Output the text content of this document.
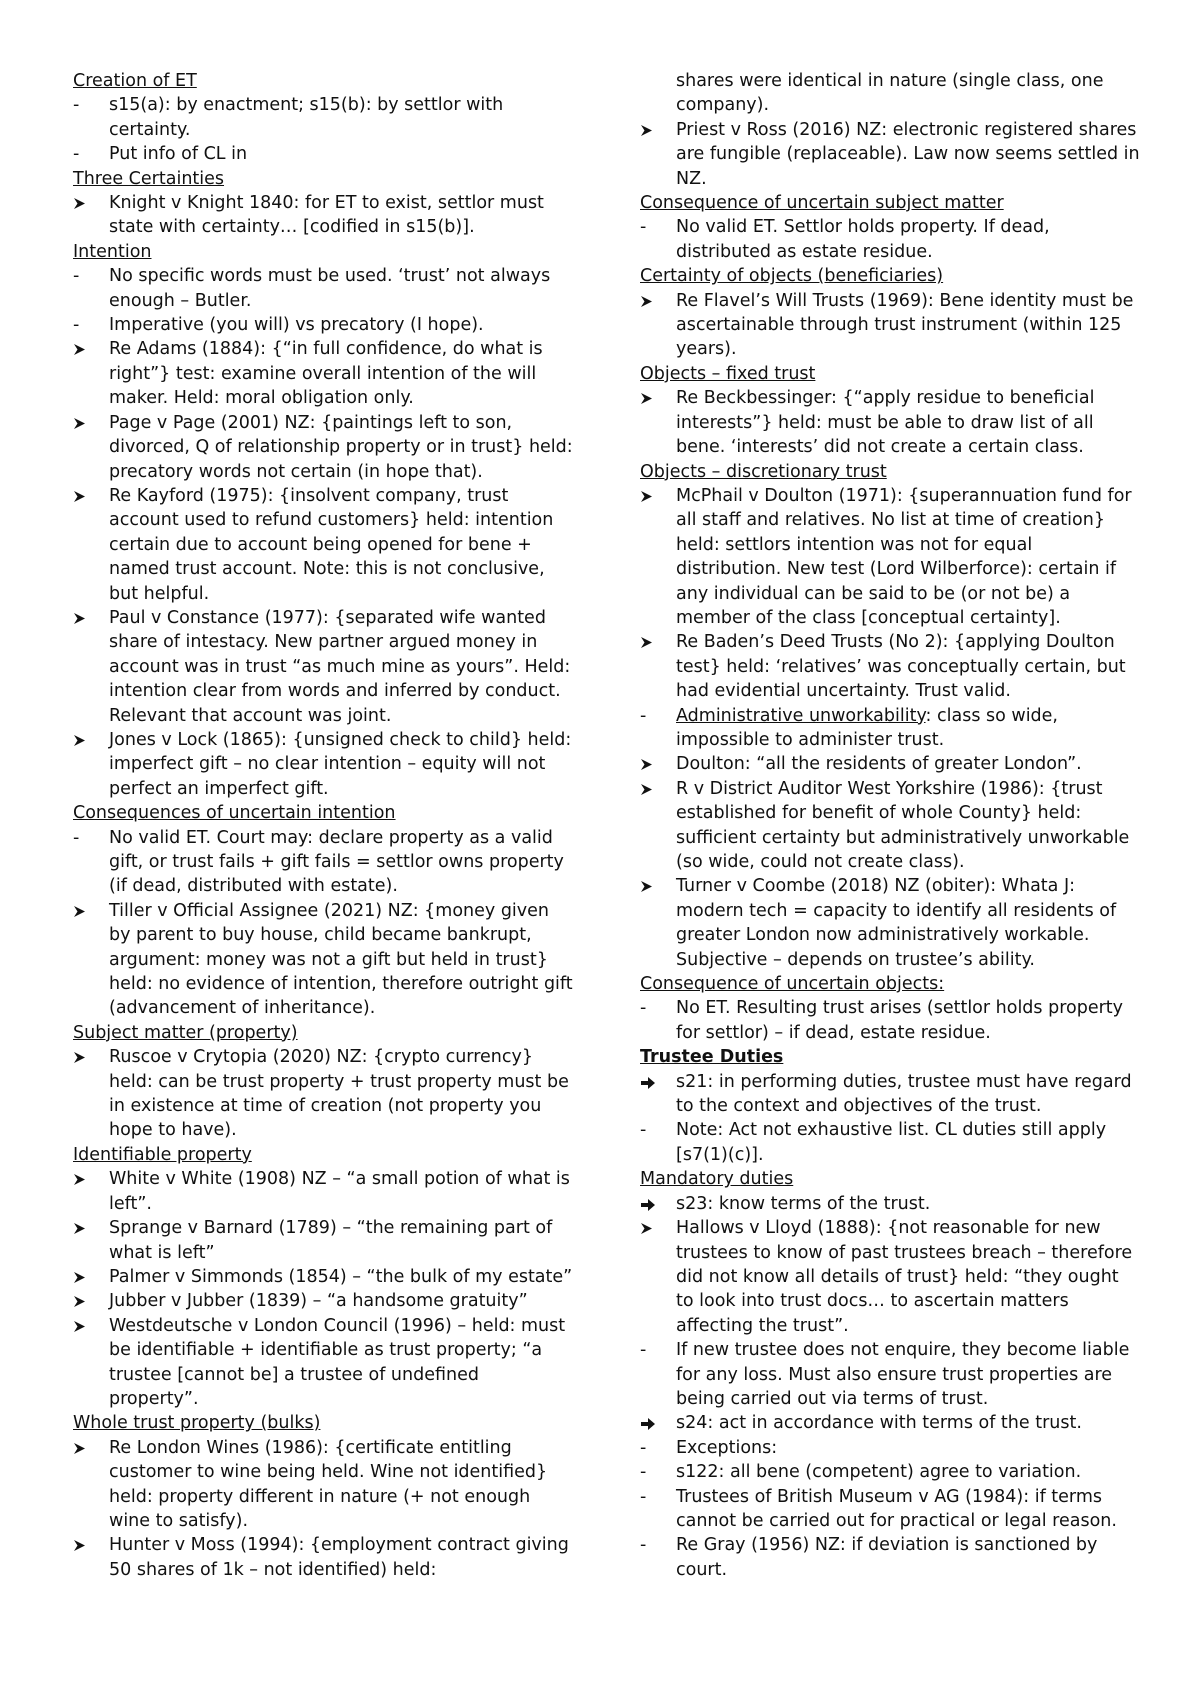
Creation of ET
-	s15(a): by enactment; s15(b): by settlor with certainty.
-	Put info of CL in
Three Certainties
Knight v Knight 1840: for ET to exist, settlor must state with certainty… [codified in s15(b)].
Intention
-	No specific words must be used. ‘trust’ not always enough – Butler.
-	Imperative (you will) vs precatory (I hope).
Re Adams (1884): {“in full confidence, do what is right”} test: examine overall intention of the will maker. Held: moral obligation only.
Page v Page (2001) NZ: {paintings left to son, divorced, Q of relationship property or in trust} held: precatory words not certain (in hope that).
Re Kayford (1975): {insolvent company, trust account used to refund customers} held: intention certain due to account being opened for bene + named trust account. Note: this is not conclusive, but helpful.
Paul v Constance (1977): {separated wife wanted share of intestacy. New partner argued money in account was in trust “as much mine as yours”. Held: intention clear from words and inferred by conduct. Relevant that account was joint.
Jones v Lock (1865): {unsigned check to child} held: imperfect gift – no clear intention – equity will not perfect an imperfect gift.
Consequences of uncertain intention
-	No valid ET. Court may: declare property as a valid gift, or trust fails + gift fails = settlor owns property (if dead, distributed with estate).
Tiller v Official Assignee (2021) NZ: {money given by parent to buy house, child became bankrupt, argument: money was not a gift but held in trust} held: no evidence of intention, therefore outright gift (advancement of inheritance).
Subject matter (property)
Ruscoe v Crytopia (2020) NZ: {crypto currency} held: can be trust property + trust property must be in existence at time of creation (not property you hope to have).
Identifiable property
White v White (1908) NZ – “a small potion of what is left”.
Sprange v Barnard (1789) – “the remaining part of what is left”
Palmer v Simmonds (1854) – “the bulk of my estate”
Jubber v Jubber (1839) – “a handsome gratuity”
Westdeutsche v London Council (1996) – held: must be identifiable + identifiable as trust property; “a trustee [cannot be] a trustee of undefined property”.
Whole trust property (bulks)
Re London Wines (1986): {certificate entitling customer to wine being held. Wine not identified} held: property different in nature (+ not enough wine to satisfy).
Hunter v Moss (1994): {employment contract giving 50 shares of 1k – not identified) held:
shares were identical in nature (single class, one company).
Priest v Ross (2016) NZ: electronic registered shares are fungible (replaceable). Law now seems settled in NZ.
Consequence of uncertain subject matter
-	No valid ET. Settlor holds property. If dead, distributed as estate residue.
Certainty of objects (beneficiaries)
Re Flavel’s Will Trusts (1969): Bene identity must be ascertainable through trust instrument (within 125 years).
Objects – fixed trust
Re Beckbessinger: {“apply residue to beneficial interests”} held: must be able to draw list of all bene. ‘interests’ did not create a certain class.
Objects – discretionary trust
McPhail v Doulton (1971): {superannuation fund for all staff and relatives. No list at time of creation} held: settlors intention was not for equal distribution. New test (Lord Wilberforce): certain if any individual can be said to be (or not be) a member of the class [conceptual certainty].
Re Baden’s Deed Trusts (No 2): {applying Doulton test} held: ‘relatives’ was conceptually certain, but had evidential uncertainty. Trust valid.
-	Administrative unworkability: class so wide, impossible to administer trust.
Doulton: “all the residents of greater London”.
R v District Auditor West Yorkshire (1986): {trust established for benefit of whole County} held: sufficient certainty but administratively unworkable (so wide, could not create class).
Turner v Coombe (2018) NZ (obiter): Whata J: modern tech = capacity to identify all residents of greater London now administratively workable. Subjective – depends on trustee’s ability.
Consequence of uncertain objects:
-	No ET. Resulting trust arises (settlor holds property for settlor) – if dead, estate residue.
Trustee Duties
s21: in performing duties, trustee must have regard to the context and objectives of the trust.
-	Note: Act not exhaustive list. CL duties still apply [s7(1)(c)].
Mandatory duties
s23: know terms of the trust.
Hallows v Lloyd (1888): {not reasonable for new trustees to know of past trustees breach – therefore did not know all details of trust} held: “they ought to look into trust docs… to ascertain matters affecting the trust”.
-	If new trustee does not enquire, they become liable for any loss. Must also ensure trust properties are being carried out via terms of trust.
s24: act in accordance with terms of the trust.
-	Exceptions:
-	s122: all bene (competent) agree to variation.
-	Trustees of British Museum v AG (1984): if terms cannot be carried out for practical or legal reason.
-	Re Gray (1956) NZ: if deviation is sanctioned by court.
